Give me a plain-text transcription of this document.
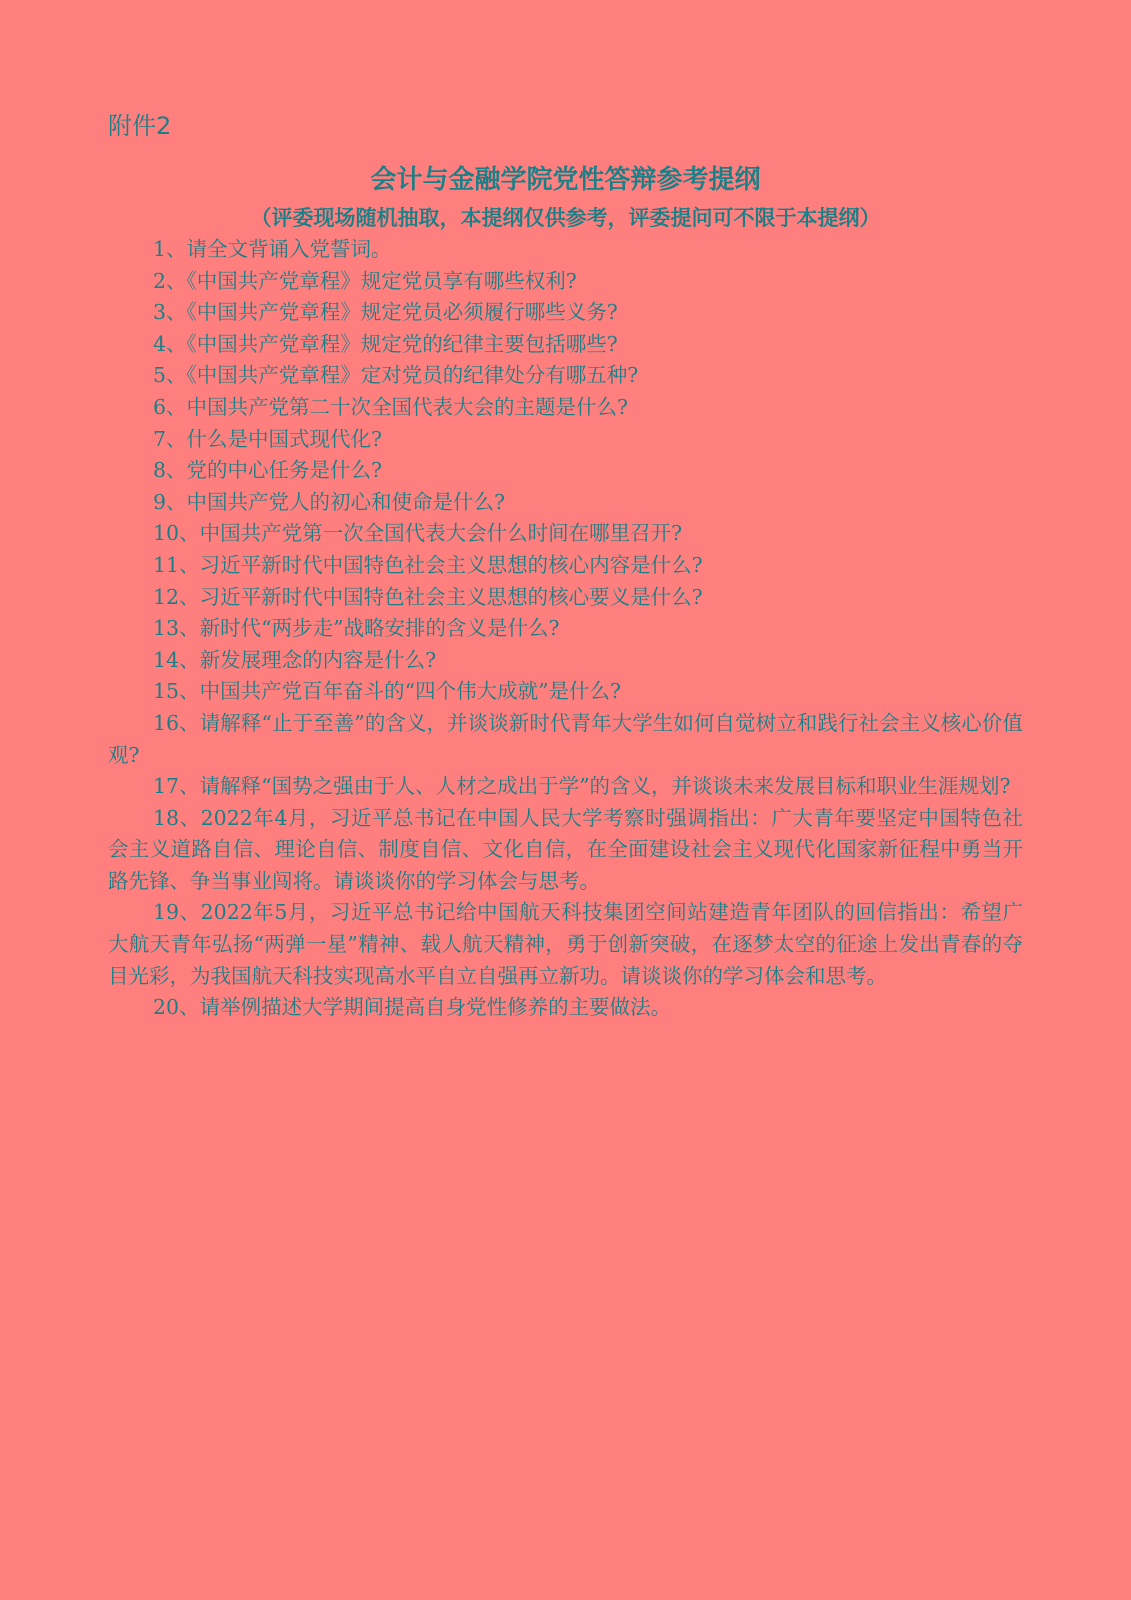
附件2
会计与金融学院党性答辩参考提纲
（评委现场随机抽取，本提纲仅供参考，评委提问可不限于本提纲）
1、请全文背诵入党誓词。
2、《中国共产党章程》规定党员享有哪些权利?
3、《中国共产党章程》规定党员必须履行哪些义务?
4、《中国共产党章程》规定党的纪律主要包括哪些?
5、《中国共产党章程》定对党员的纪律处分有哪五种?
6、中国共产党第二十次全国代表大会的主题是什么?
7、什么是中国式现代化?
8、党的中心任务是什么?
9、中国共产党人的初心和使命是什么?
10、中国共产党第一次全国代表大会什么时间在哪里召开?
11、习近平新时代中国特色社会主义思想的核心内容是什么?
12、习近平新时代中国特色社会主义思想的核心要义是什么?
13、新时代“两步走”战略安排的含义是什么?
14、新发展理念的内容是什么?
15、中国共产党百年奋斗的“四个伟大成就”是什么?
16、请解释“止于至善”的含义，并谈谈新时代青年大学生如何自觉树立和践行社会主义核心价值观?
17、请解释“国势之强由于人、人材之成出于学”的含义，并谈谈未来发展目标和职业生涯规划?
18、2022年4月，习近平总书记在中国人民大学考察时强调指出：广大青年要坚定中国特色社会主义道路自信、理论自信、制度自信、文化自信，在全面建设社会主义现代化国家新征程中勇当开路先锋、争当事业闯将。请谈谈你的学习体会与思考。
19、2022年5月，习近平总书记给中国航天科技集团空间站建造青年团队的回信指出：希望广大航天青年弘扬“两弹一星”精神、载人航天精神，勇于创新突破，在逐梦太空的征途上发出青春的夺目光彩，为我国航天科技实现高水平自立自强再立新功。请谈谈你的学习体会和思考。
20、请举例描述大学期间提高自身党性修养的主要做法。
